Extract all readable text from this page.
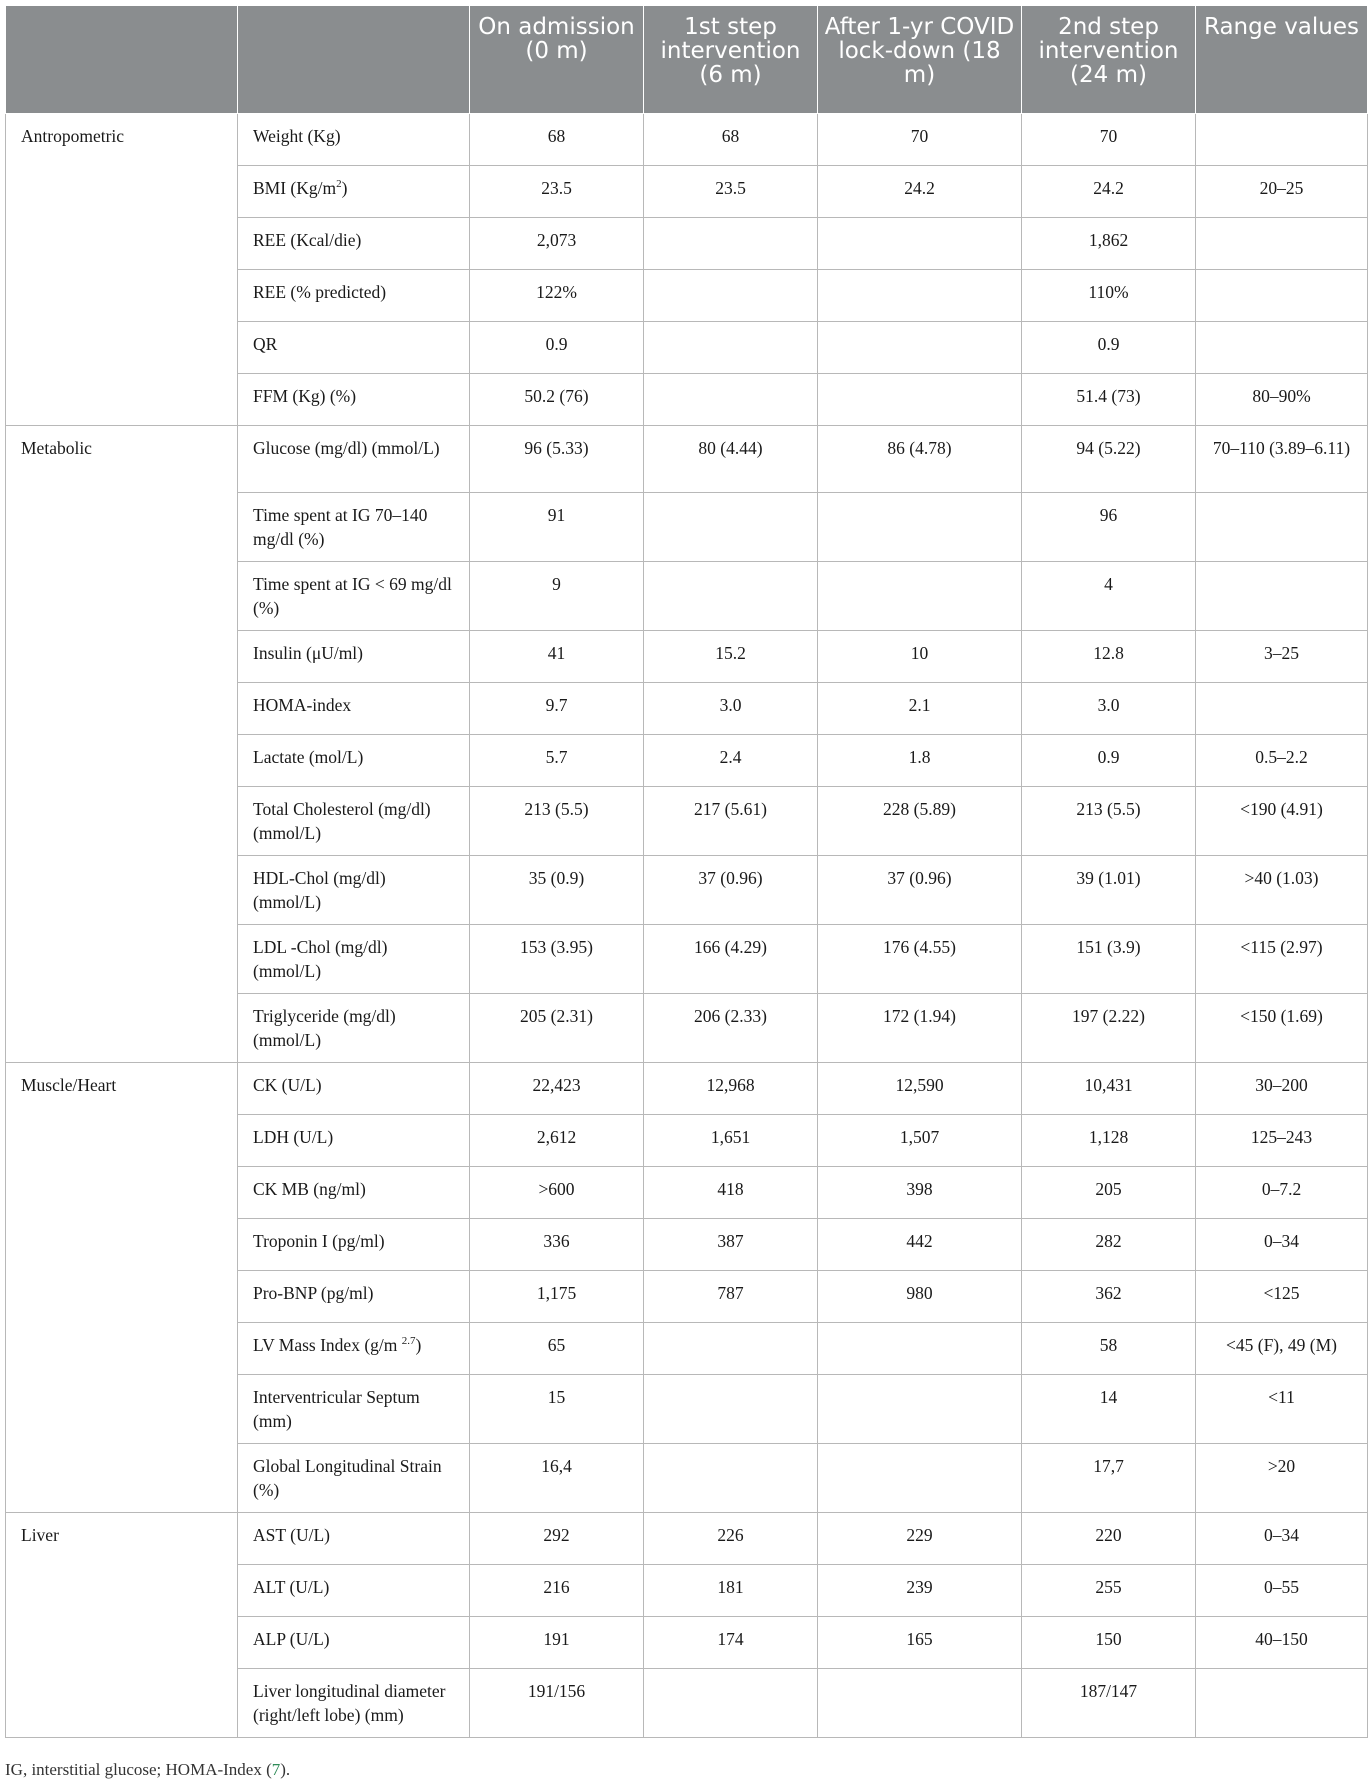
		On admission (0 m)	1st step intervention (6 m)	After 1-yr COVID lock-down (18 m)	2nd step intervention (24 m)	Range values
Antropometric	Weight (Kg)	68	68	70	70	
	BMI $(Kg/m^2)$	23.5	23.5	24.2	24.2	20–25
	REE (Kcal/die)	2,073			1,862	
	REE (% predicted)	122%			110%	
	QR	0.9			0.9	
	FFM (Kg) (%)	50.2 (76)			51.4 (73)	80–90%
Metabolic	Glucose (mg/dl) (mmol/L)	96 (5.33)	80 (4.44)	86 (4.78)	94 (5.22)	70–110 (3.89–6.11)
	Time spent at IG 70–140 mg/dl (%)	91			96	
	Time spent at IG < 69 mg/dl (%)	9			4	
	Insulin (μU/ml)	41	15.2	10	12.8	3–25
	HOMA-index	9.7	3.0	2.1	3.0	
	Lactate (mol/L)	5.7	2.4	1.8	0.9	0.5–2.2
	Total Cholesterol (mg/dl) (mmol/L)	213 (5.5)	217 (5.61)	228 (5.89)	213 (5.5)	<190 (4.91)
	HDL-Chol (mg/dl) (mmol/L)	35 (0.9)	37 (0.96)	37 (0.96)	39 (1.01)	>40 (1.03)
	LDL -Chol (mg/dl) (mmol/L)	153 (3.95)	166 (4.29)	176 (4.55)	151 (3.9)	<115 (2.97)
	Triglyceride (mg/dl) (mmol/L)	205 (2.31)	206 (2.33)	172 (1.94)	197 (2.22)	<150 (1.69)
Muscle/Heart	CK (U/L)	22,423	12,968	12,590	10,431	30–200
	LDH (U/L)	2,612	1,651	1,507	1,128	125–243
	CK MB (ng/ml)	>600	418	398	205	0–7.2
	Troponin I (pg/ml)	336	387	442	282	0–34
	Pro-BNP (pg/ml)	1,175	787	980	362	<125
	LV Mass Index (g/m $^{2.7}$)	65			58	<45 (F), 49 (M)
	Interventricular Septum (mm)	15			14	<11
	Global Longitudinal Strain (%)	16,4			17,7	>20
Liver	AST (U/L)	292	226	229	220	0–34
	ALT (U/L)	216	181	239	255	0–55
	ALP (U/L)	191	174	165	150	40–150
	Liver longitudinal diameter (right/left lobe) (mm)	191/156			187/147	
IG, interstitial glucose; HOMA-Index (7).
